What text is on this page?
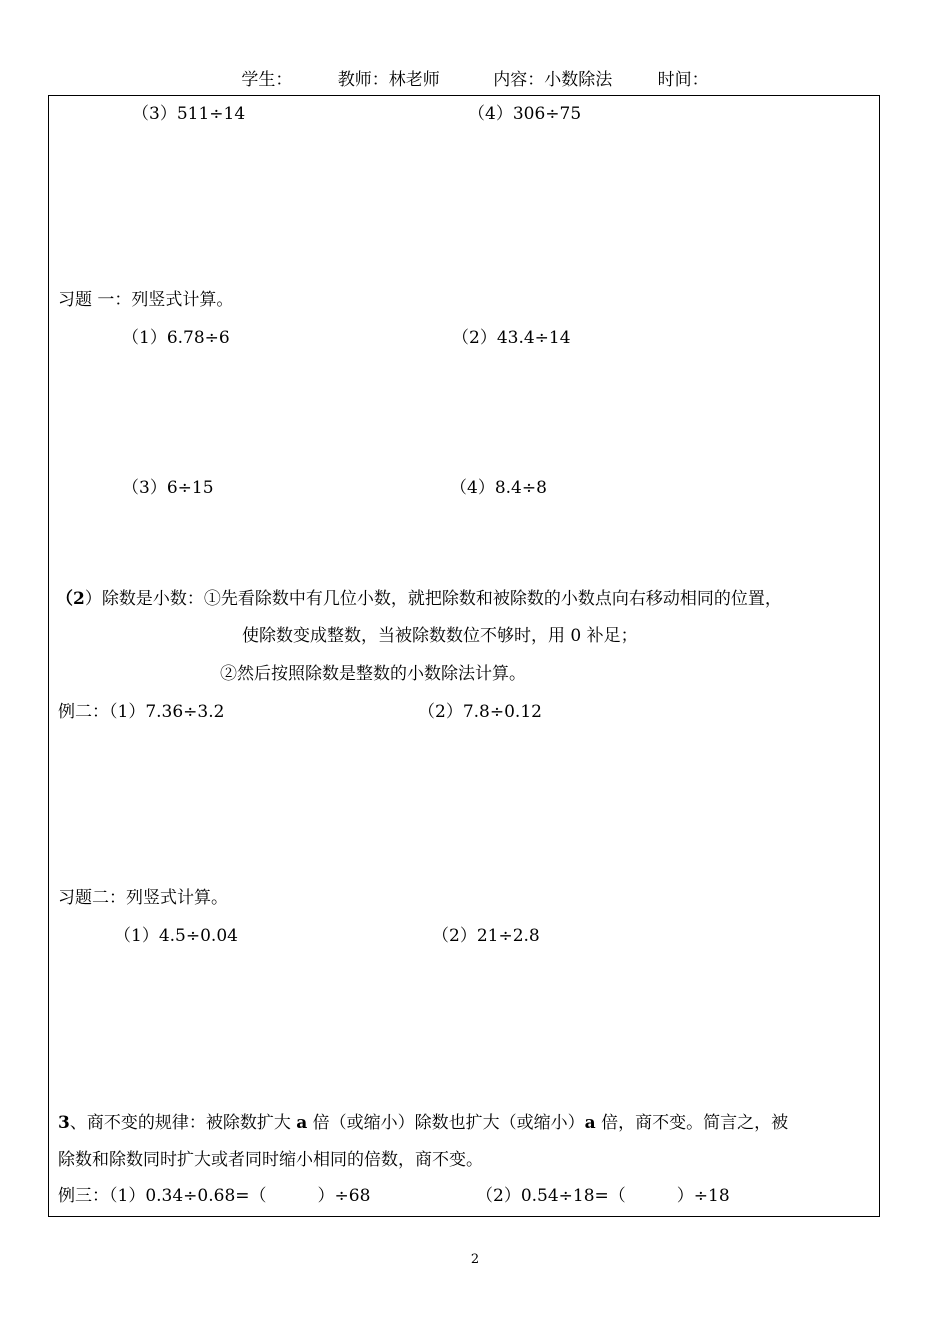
学生：	教师：林老师	内容：小数除法	时间：
（3）511÷14	（4）306÷75
习题 一：列竖式计算。
（1）6.78÷6	（2）43.4÷14
（3）6÷15	（4）8.4÷8
（2）除数是小数：①先看除数中有几位小数，就把除数和被除数的小数点向右移动相同的位置，
使除数变成整数，当被除数数位不够时，用 0 补足；
②然后按照除数是整数的小数除法计算。
例二：（1）7.36÷3.2	（2）7.8÷0.12
习题二：列竖式计算。
（1）4.5÷0.04	（2）21÷2.8
3、商不变的规律：被除数扩大 a 倍（或缩小）除数也扩大（或缩小）a 倍，商不变。简言之，被
除数和除数同时扩大或者同时缩小相同的倍数，商不变。
例三：（1）0.34÷0.68=（　　　）÷68	（2）0.54÷18=（　　　）÷18
2
